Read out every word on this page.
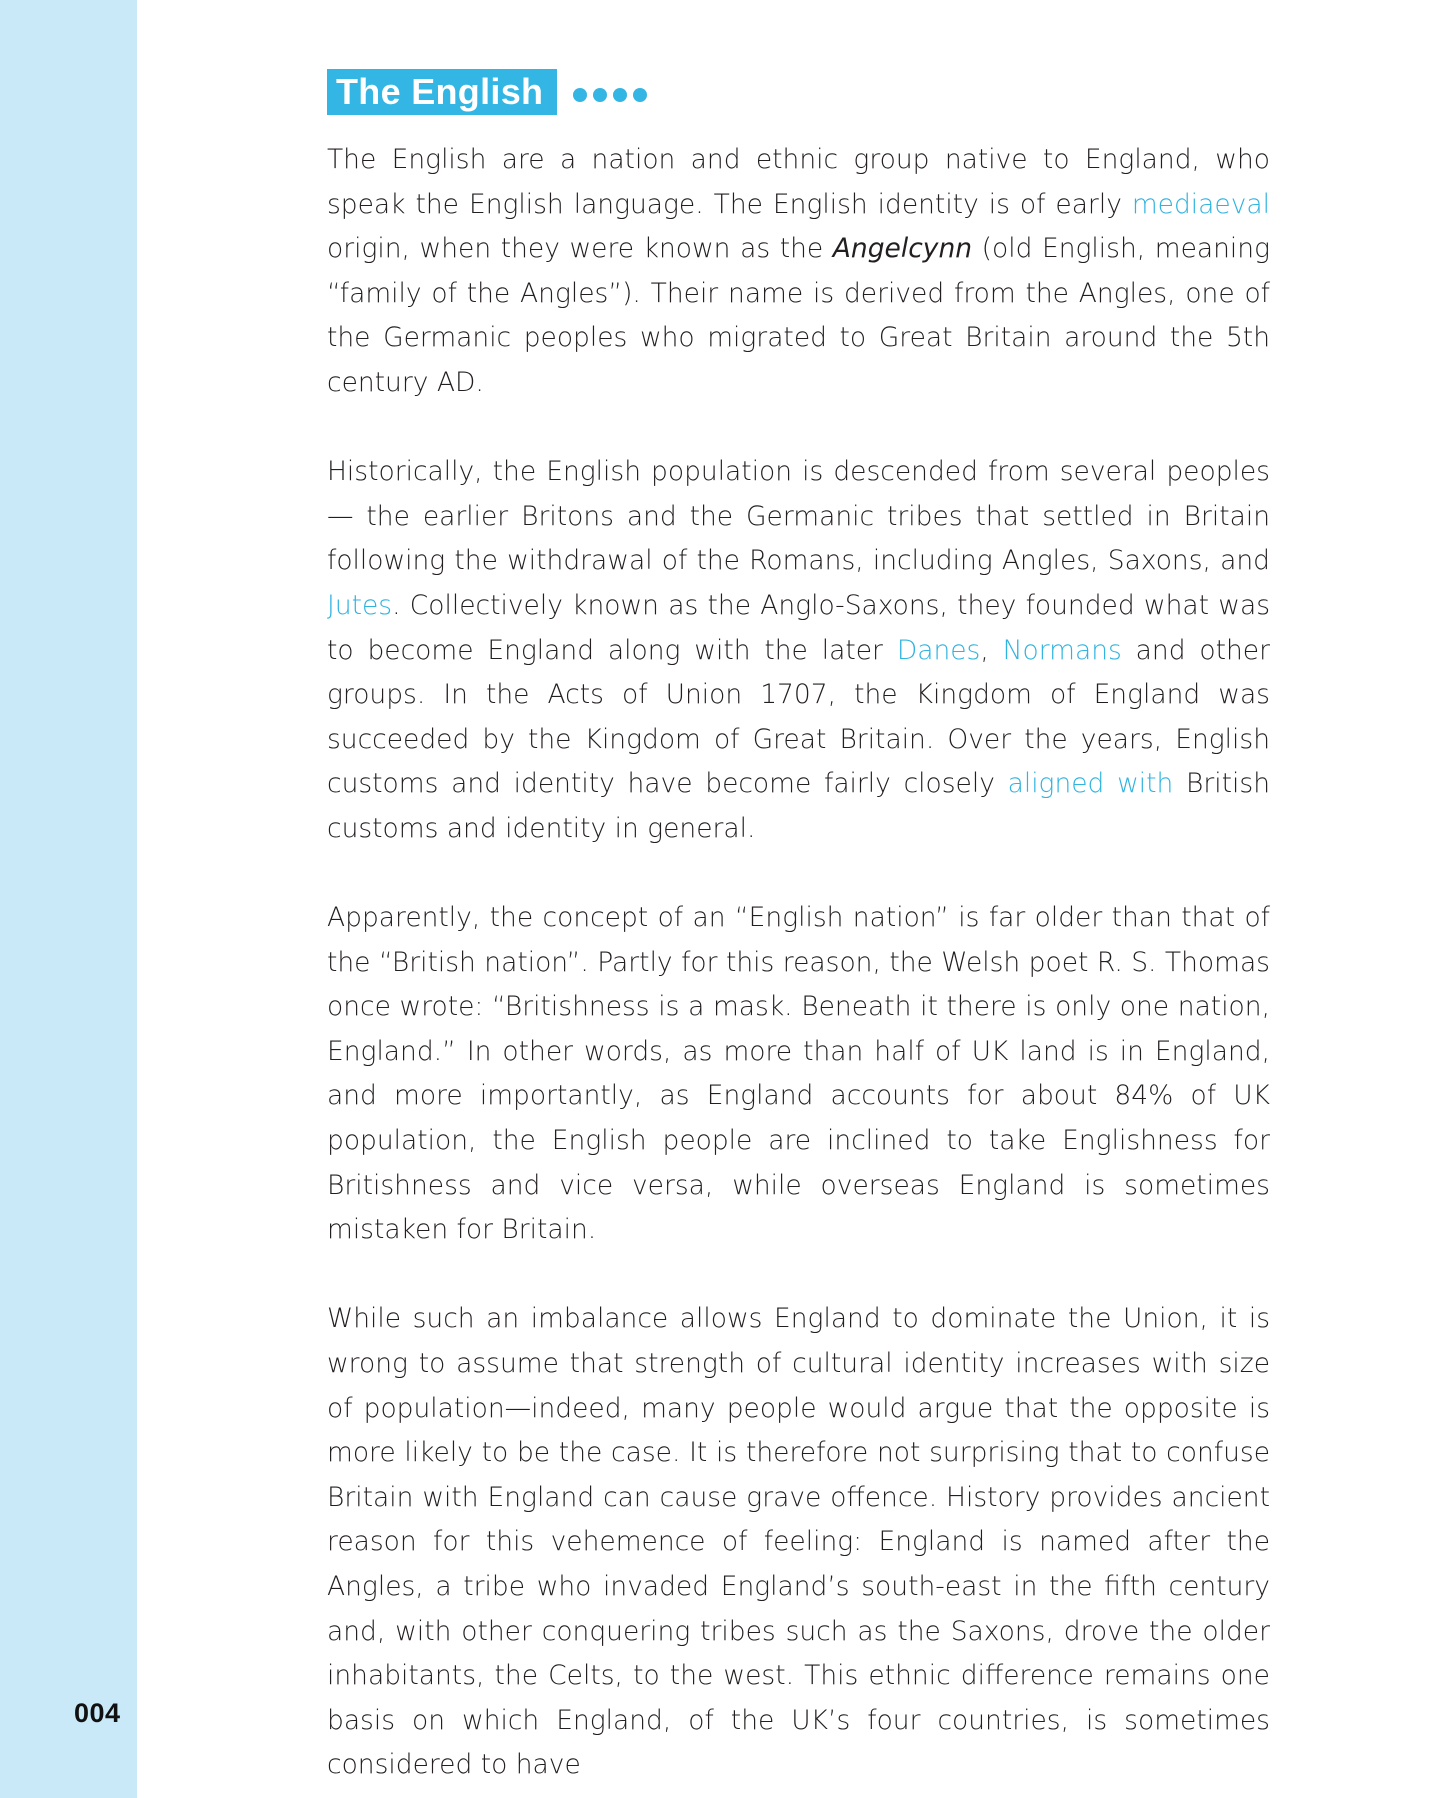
004
The English

The English are a nation and ethnic group native to England, who speak the English language. The English identity is of early mediaeval origin, when they were known as the Angelcynn (old English, meaning “family of the Angles”). Their name is derived from the Angles, one of the Germanic peoples who migrated to Great Britain around the 5th century AD.

Historically, the English population is descended from several peoples — the earlier Britons and the Germanic tribes that settled in Britain following the withdrawal of the Romans, including Angles, Saxons, and Jutes. Collectively known as the Anglo-Saxons, they founded what was to become England along with the later Danes, Normans and other groups. In the Acts of Union 1707, the Kingdom of England was succeeded by the Kingdom of Great Britain. Over the years, English customs and identity have become fairly closely aligned with British customs and identity in general.

Apparently, the concept of an “English nation” is far older than that of the “British nation”. Partly for this reason, the Welsh poet R. S. Thomas once wrote: “Britishness is a mask. Beneath it there is only one nation, England.” In other words, as more than half of UK land is in England, and more importantly, as England accounts for about 84% of UK population, the English people are inclined to take Englishness for Britishness and vice versa, while overseas England is sometimes mistaken for Britain.

While such an imbalance allows England to dominate the Union, it is wrong to assume that strength of cultural identity increases with size of population—indeed, many people would argue that the opposite is more likely to be the case. It is therefore not surprising that to confuse Britain with England can cause grave offence. History provides ancient reason for this vehemence of feeling: England is named after the Angles, a tribe who invaded England’s south-east in the fifth century and, with other conquering tribes such as the Saxons, drove the older inhabitants, the Celts, to the west. This ethnic difference remains one basis on which England, of the UK’s four countries, is sometimes considered to have
